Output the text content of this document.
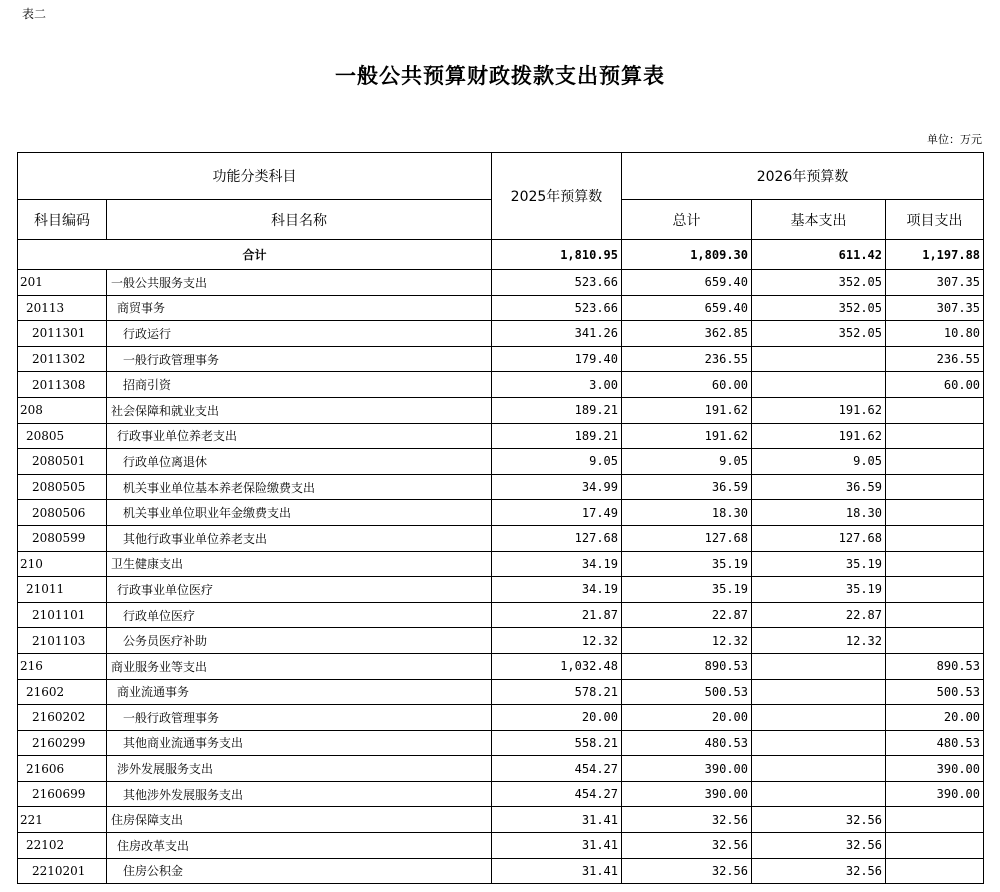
表二
一般公共预算财政拨款支出预算表
单位：万元
功能分类科目		2025年预算数	2026年预算数		
科目编码	科目名称		总计	基本支出	项目支出
合计		1,810.95	1,809.30	611.42	1,197.88
201	一般公共服务支出	523.66	659.40	352.05	307.35
20113	商贸事务	523.66	659.40	352.05	307.35
2011301	行政运行	341.26	362.85	352.05	10.80
2011302	一般行政管理事务	179.40	236.55		236.55
2011308	招商引资	3.00	60.00		60.00
208	社会保障和就业支出	189.21	191.62	191.62	
20805	行政事业单位养老支出	189.21	191.62	191.62	
2080501	行政单位离退休	9.05	9.05	9.05	
2080505	机关事业单位基本养老保险缴费支出	34.99	36.59	36.59	
2080506	机关事业单位职业年金缴费支出	17.49	18.30	18.30	
2080599	其他行政事业单位养老支出	127.68	127.68	127.68	
210	卫生健康支出	34.19	35.19	35.19	
21011	行政事业单位医疗	34.19	35.19	35.19	
2101101	行政单位医疗	21.87	22.87	22.87	
2101103	公务员医疗补助	12.32	12.32	12.32	
216	商业服务业等支出	1,032.48	890.53		890.53
21602	商业流通事务	578.21	500.53		500.53
2160202	一般行政管理事务	20.00	20.00		20.00
2160299	其他商业流通事务支出	558.21	480.53		480.53
21606	涉外发展服务支出	454.27	390.00		390.00
2160699	其他涉外发展服务支出	454.27	390.00		390.00
221	住房保障支出	31.41	32.56	32.56	
22102	住房改革支出	31.41	32.56	32.56	
2210201	住房公积金	31.41	32.56	32.56	
